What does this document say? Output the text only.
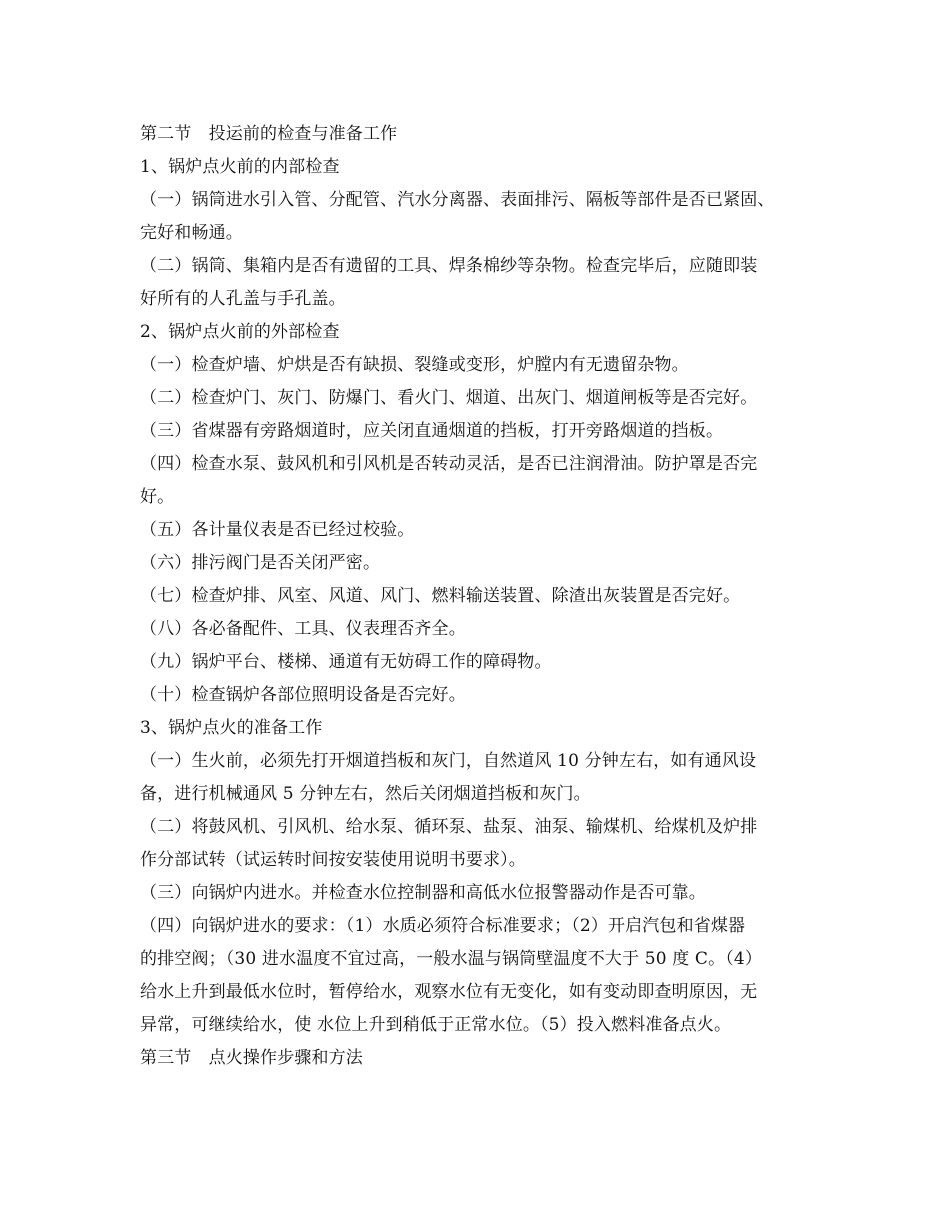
第二节　投运前的检查与准备工作
1、锅炉点火前的内部检查
（一）锅筒进水引入管、分配管、汽水分离器、表面排污、隔板等部件是否已紧固、
完好和畅通。
（二）锅筒、集箱内是否有遗留的工具、焊条棉纱等杂物。检查完毕后，应随即装
好所有的人孔盖与手孔盖。
2、锅炉点火前的外部检查
（一）检查炉墙、炉烘是否有缺损、裂缝或变形，炉膛内有无遗留杂物。
（二）检查炉门、灰门、防爆门、看火门、烟道、出灰门、烟道闸板等是否完好。
（三）省煤器有旁路烟道时，应关闭直通烟道的挡板，打开旁路烟道的挡板。
（四）检查水泵、鼓风机和引风机是否转动灵活，是否已注润滑油。防护罩是否完
好。
（五）各计量仪表是否已经过校验。
（六）排污阀门是否关闭严密。
（七）检查炉排、风室、风道、风门、燃料输送装置、除渣出灰装置是否完好。
（八）各必备配件、工具、仪表理否齐全。
（九）锅炉平台、楼梯、通道有无妨碍工作的障碍物。
（十）检查锅炉各部位照明设备是否完好。
3、锅炉点火的准备工作
（一）生火前，必须先打开烟道挡板和灰门，自然道风 10 分钟左右，如有通风设
备，进行机械通风 5 分钟左右，然后关闭烟道挡板和灰门。
（二）将鼓风机、引风机、给水泵、循环泵、盐泵、油泵、输煤机、给煤机及炉排
作分部试转（试运转时间按安装使用说明书要求）。
（三）向锅炉内进水。并检查水位控制器和高低水位报警器动作是否可靠。
（四）向锅炉进水的要求：（1）水质必须符合标准要求；（2）开启汽包和省煤器
的排空阀；（30 进水温度不宜过高，一般水温与锅筒壁温度不大于 50 度 C。（4）
给水上升到最低水位时，暂停给水，观察水位有无变化，如有变动即查明原因，无
异常，可继续给水，使 水位上升到稍低于正常水位。（5）投入燃料准备点火。
第三节　点火操作步骤和方法
